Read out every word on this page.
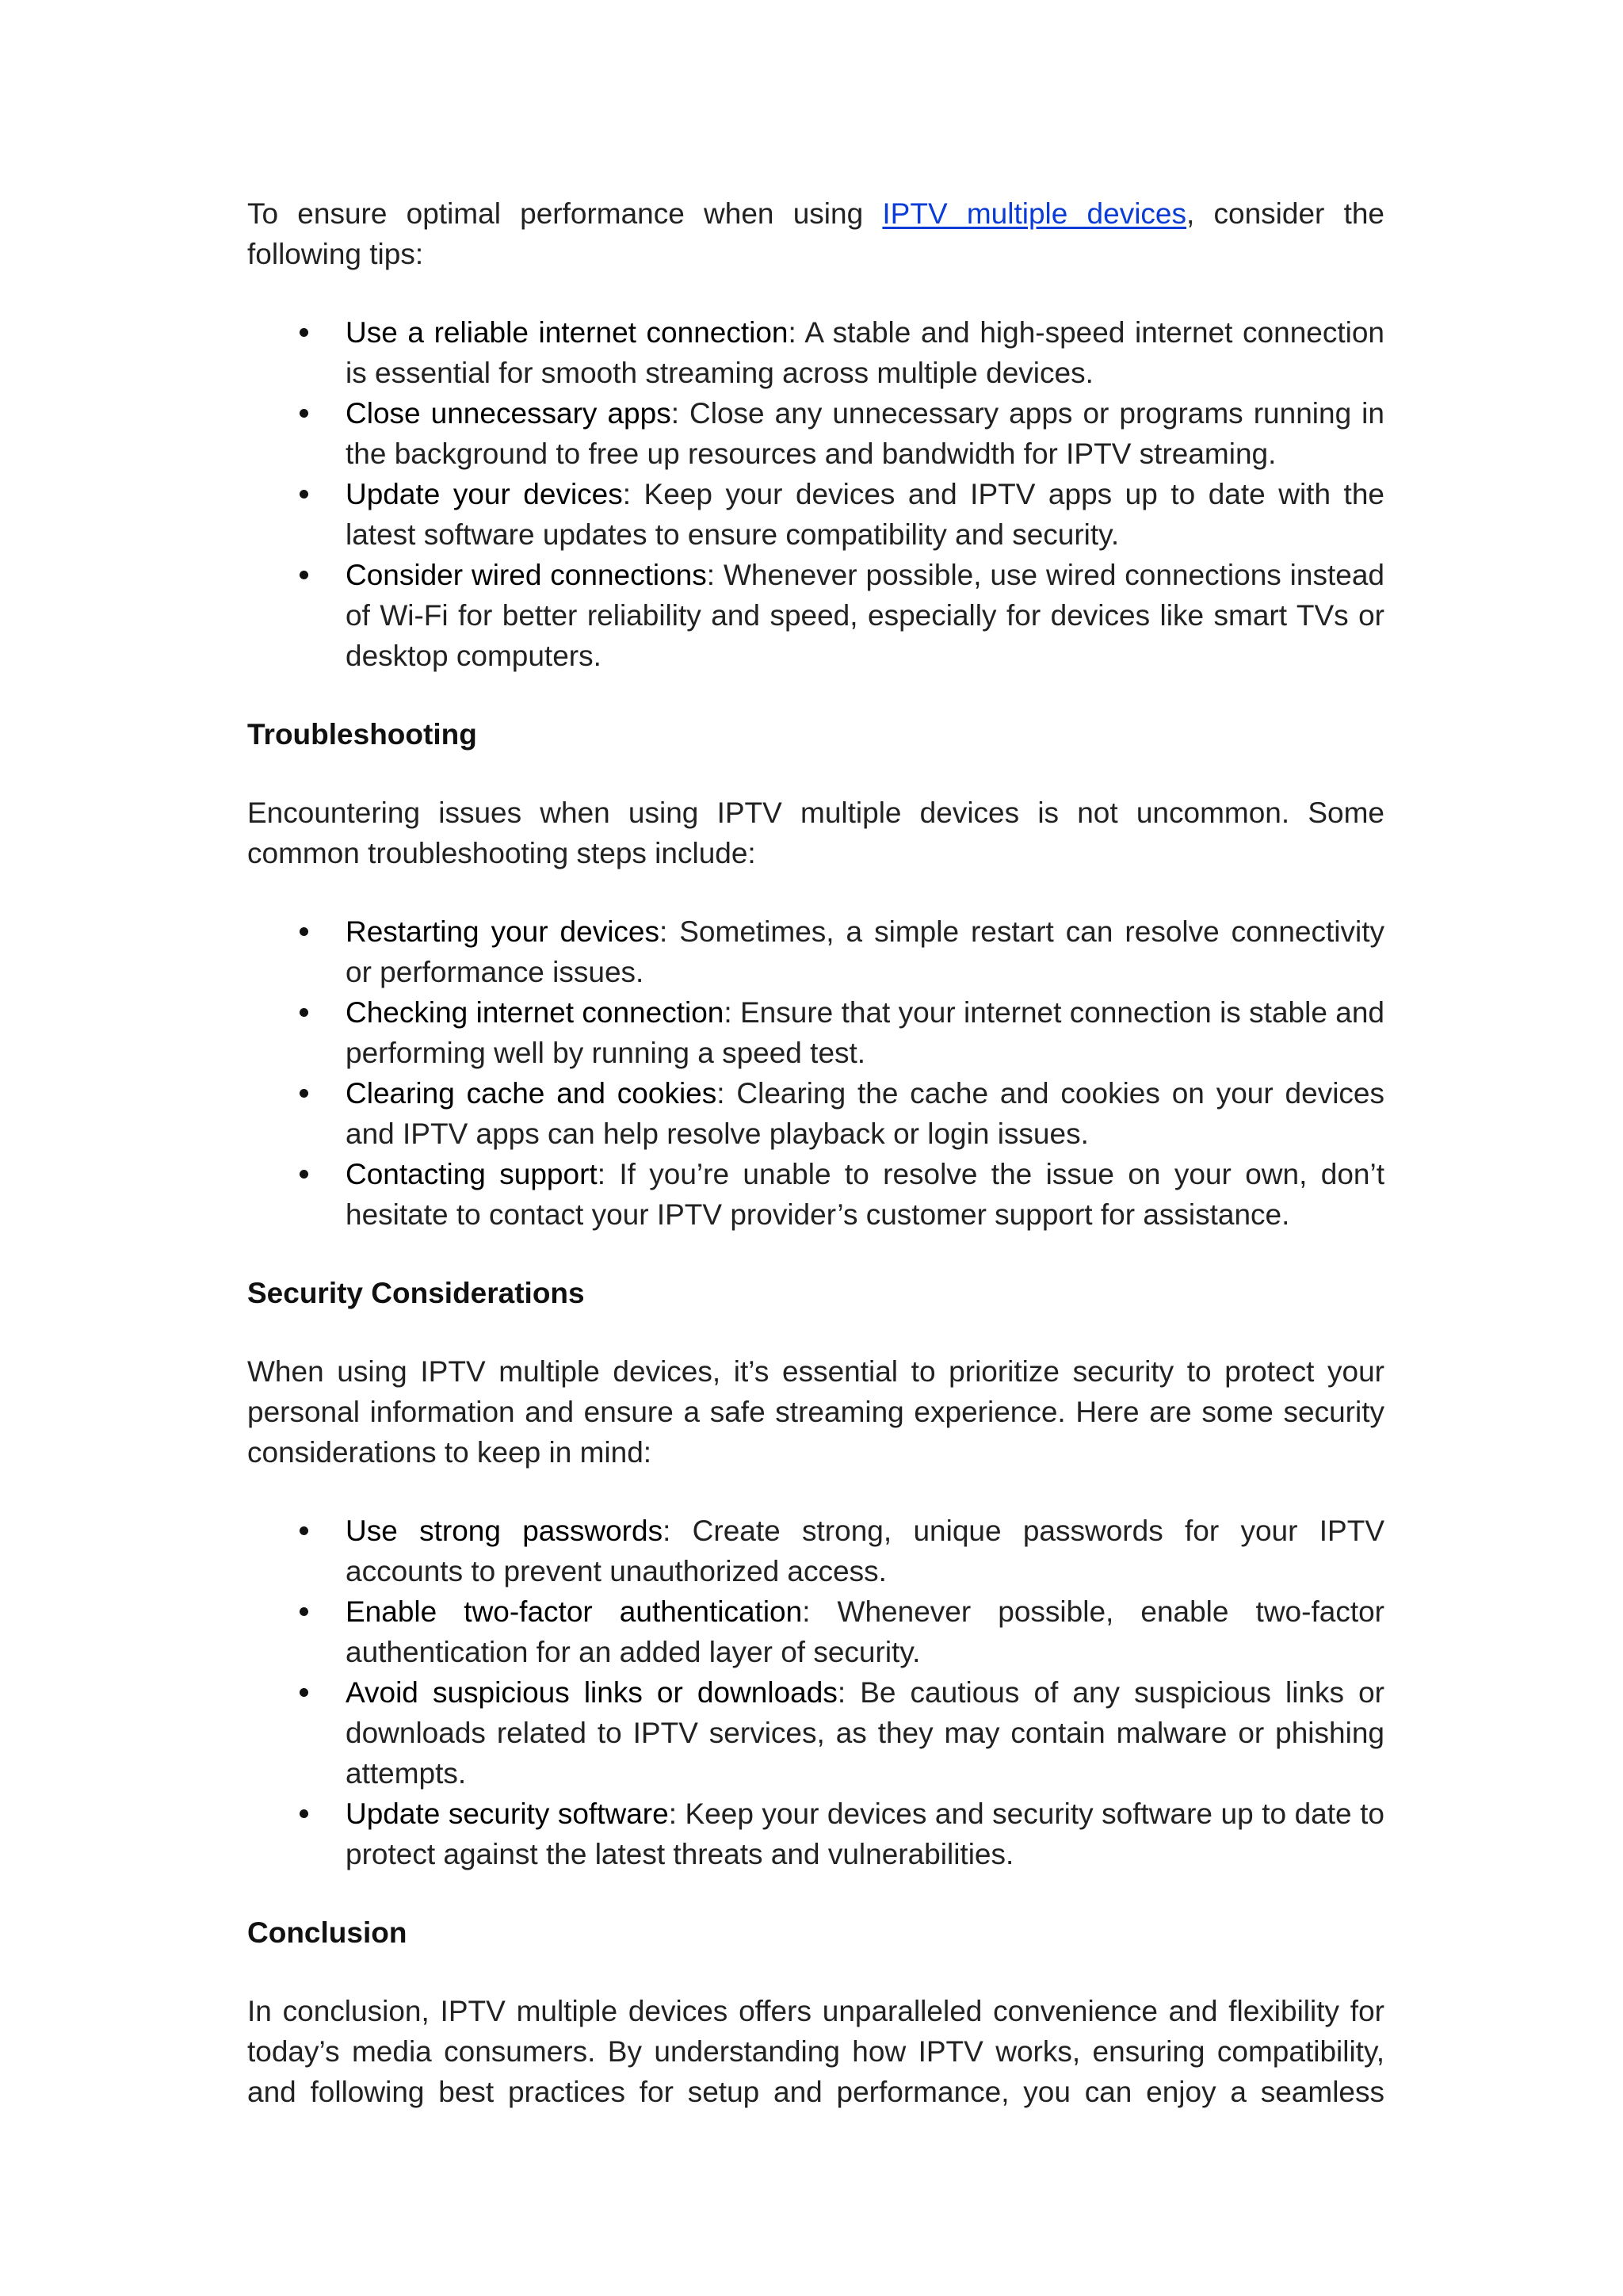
To ensure optimal performance when using IPTV multiple devices, consider the following tips:

Use a reliable internet connection: A stable and high-speed internet connection is essential for smooth streaming across multiple devices.
Close unnecessary apps: Close any unnecessary apps or programs running in the background to free up resources and bandwidth for IPTV streaming.
Update your devices: Keep your devices and IPTV apps up to date with the latest software updates to ensure compatibility and security.
Consider wired connections: Whenever possible, use wired connections instead of Wi-Fi for better reliability and speed, especially for devices like smart TVs or desktop computers.
Troubleshooting

Encountering issues when using IPTV multiple devices is not uncommon. Some common troubleshooting steps include:

Restarting your devices: Sometimes, a simple restart can resolve connectivity or performance issues.
Checking internet connection: Ensure that your internet connection is stable and performing well by running a speed test.
Clearing cache and cookies: Clearing the cache and cookies on your devices and IPTV apps can help resolve playback or login issues.
Contacting support: If you’re unable to resolve the issue on your own, don’t hesitate to contact your IPTV provider’s customer support for assistance.
Security Considerations

When using IPTV multiple devices, it’s essential to prioritize security to protect your personal information and ensure a safe streaming experience. Here are some security considerations to keep in mind:

Use strong passwords: Create strong, unique passwords for your IPTV accounts to prevent unauthorized access.
Enable two-factor authentication: Whenever possible, enable two-factor authentication for an added layer of security.
Avoid suspicious links or downloads: Be cautious of any suspicious links or downloads related to IPTV services, as they may contain malware or phishing attempts.
Update security software: Keep your devices and security software up to date to protect against the latest threats and vulnerabilities.
Conclusion

In conclusion, IPTV multiple devices offers unparalleled convenience and flexibility for today’s media consumers. By understanding how IPTV works, ensuring compatibility, and following best practices for setup and performance, you can enjoy a seamless
